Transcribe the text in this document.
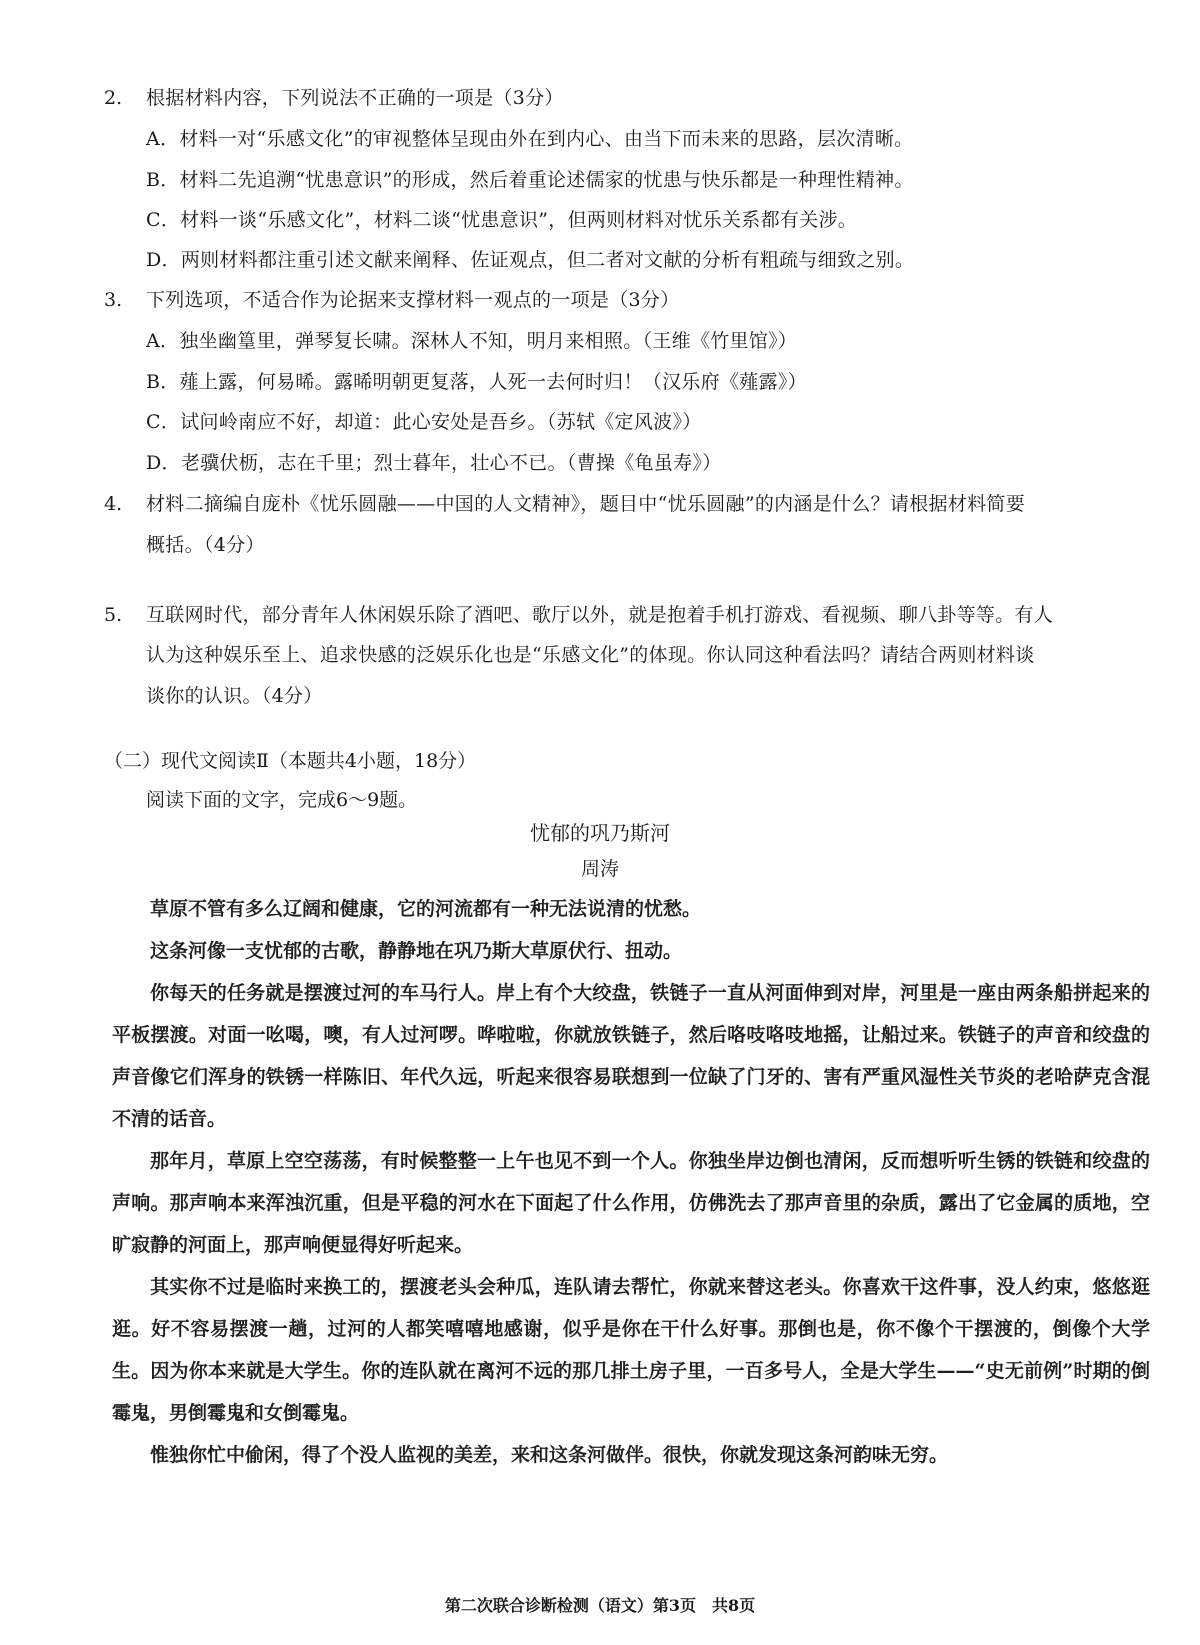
2. 根据材料内容，下列说法不正确的一项是（3分）
A．材料一对“乐感文化”的审视整体呈现由外在到内心、由当下而未来的思路，层次清晰。
B．材料二先追溯“忧患意识”的形成，然后着重论述儒家的忧患与快乐都是一种理性精神。
C．材料一谈“乐感文化”，材料二谈“忧患意识”，但两则材料对忧乐关系都有关涉。
D．两则材料都注重引述文献来阐释、佐证观点，但二者对文献的分析有粗疏与细致之别。
3. 下列选项，不适合作为论据来支撑材料一观点的一项是（3分）
A．独坐幽篁里，弹琴复长啸。深林人不知，明月来相照。（王维《竹里馆》）
B．薤上露，何易晞。露晞明朝更复落，人死一去何时归！（汉乐府《薤露》）
C．试问岭南应不好，却道：此心安处是吾乡。（苏轼《定风波》）
D．老骥伏枥，志在千里；烈士暮年，壮心不已。（曹操《龟虽寿》）
4. 材料二摘编自庞朴《忧乐圆融——中国的人文精神》，题目中“忧乐圆融”的内涵是什么？请根据材料简要
概括。（4分）
5. 互联网时代，部分青年人休闲娱乐除了酒吧、歌厅以外，就是抱着手机打游戏、看视频、聊八卦等等。有人
认为这种娱乐至上、追求快感的泛娱乐化也是“乐感文化”的体现。你认同这种看法吗？请结合两则材料谈
谈你的认识。（4分）
（二）现代文阅读Ⅱ（本题共4小题，18分）
阅读下面的文字，完成6～9题。
忧郁的巩乃斯河
周涛
草原不管有多么辽阔和健康，它的河流都有一种无法说清的忧愁。
这条河像一支忧郁的古歌，静静地在巩乃斯大草原伏行、扭动。
你每天的任务就是摆渡过河的车马行人。岸上有个大绞盘，铁链子一直从河面伸到对岸，河里是一座由两条船拼起来的平板摆渡。对面一吆喝，噢，有人过河啰。哗啦啦，你就放铁链子，然后咯吱咯吱地摇，让船过来。铁链子的声音和绞盘的声音像它们浑身的铁锈一样陈旧、年代久远，听起来很容易联想到一位缺了门牙的、害有严重风湿性关节炎的老哈萨克含混不清的话音。
那年月，草原上空空荡荡，有时候整整一上午也见不到一个人。你独坐岸边倒也清闲，反而想听听生锈的铁链和绞盘的声响。那声响本来浑浊沉重，但是平稳的河水在下面起了什么作用，仿佛洗去了那声音里的杂质，露出了它金属的质地，空旷寂静的河面上，那声响便显得好听起来。
其实你不过是临时来换工的，摆渡老头会种瓜，连队请去帮忙，你就来替这老头。你喜欢干这件事，没人约束，悠悠逛逛。好不容易摆渡一趟，过河的人都笑嘻嘻地感谢，似乎是你在干什么好事。那倒也是，你不像个干摆渡的，倒像个大学生。因为你本来就是大学生。你的连队就在离河不远的那几排土房子里，一百多号人，全是大学生——“史无前例”时期的倒霉鬼，男倒霉鬼和女倒霉鬼。
惟独你忙中偷闲，得了个没人监视的美差，来和这条河做伴。很快，你就发现这条河韵味无穷。
第二次联合诊断检测（语文）第3页　共8页
